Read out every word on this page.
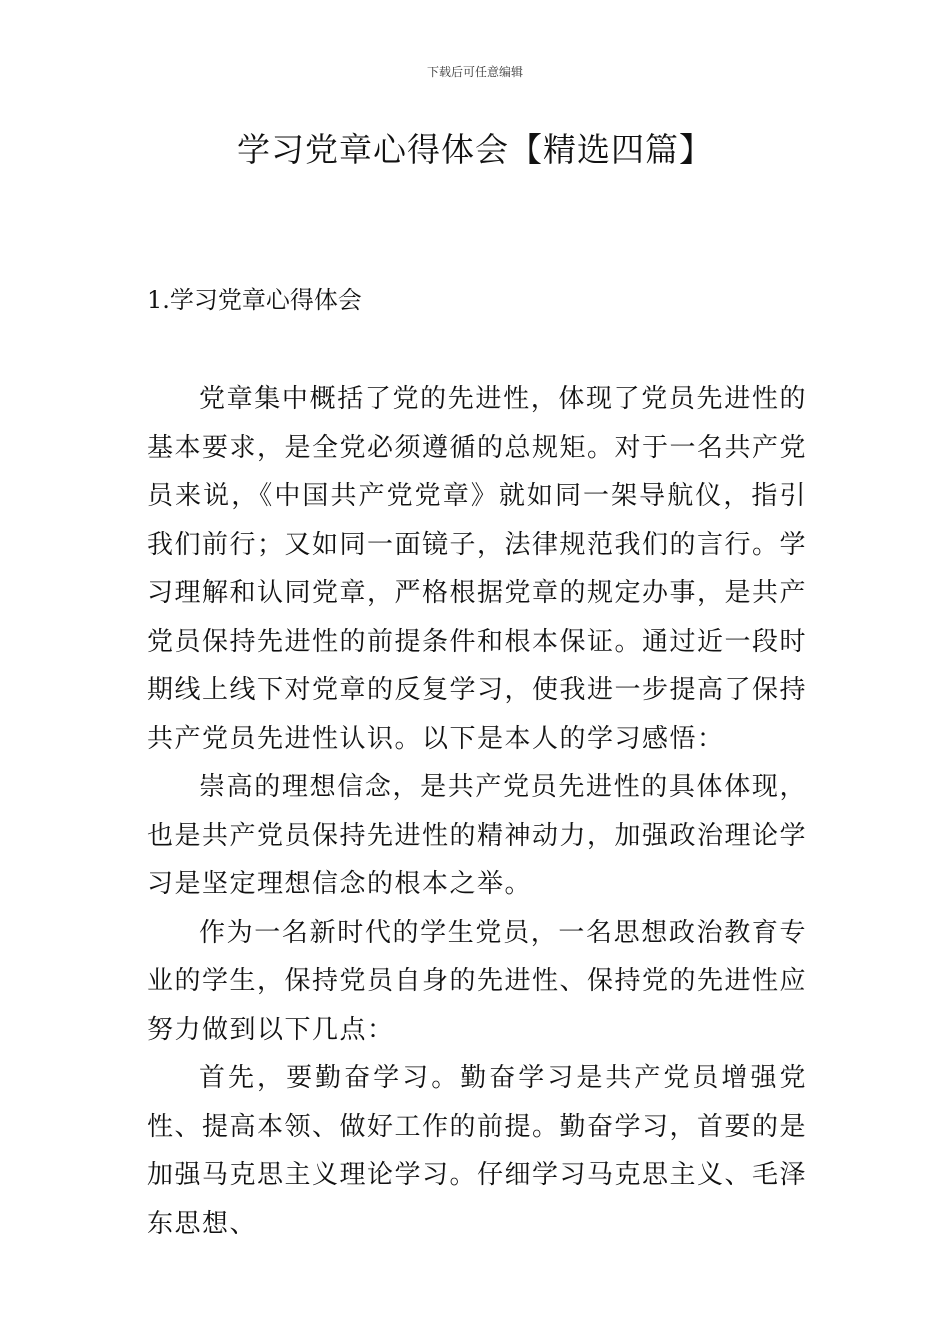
下载后可任意编辑
学习党章心得体会【精选四篇】
1.学习党章心得体会

党章集中概括了党的先进性，体现了党员先进性的基本要求，是全党必须遵循的总规矩。对于一名共产党员来说，《中国共产党党章》就如同一架导航仪，指引我们前行；又如同一面镜子，法律规范我们的言行。学习理解和认同党章，严格根据党章的规定办事，是共产党员保持先进性的前提条件和根本保证。通过近一段时期线上线下对党章的反复学习，使我进一步提高了保持共产党员先进性认识。以下是本人的学习感悟：

崇高的理想信念，是共产党员先进性的具体体现，也是共产党员保持先进性的精神动力，加强政治理论学习是坚定理想信念的根本之举。

作为一名新时代的学生党员，一名思想政治教育专业的学生，保持党员自身的先进性、保持党的先进性应努力做到以下几点：

首先，要勤奋学习。勤奋学习是共产党员增强党性、提高本领、做好工作的前提。勤奋学习，首要的是加强马克思主义理论学习。仔细学习马克思主义、毛泽东思想、
